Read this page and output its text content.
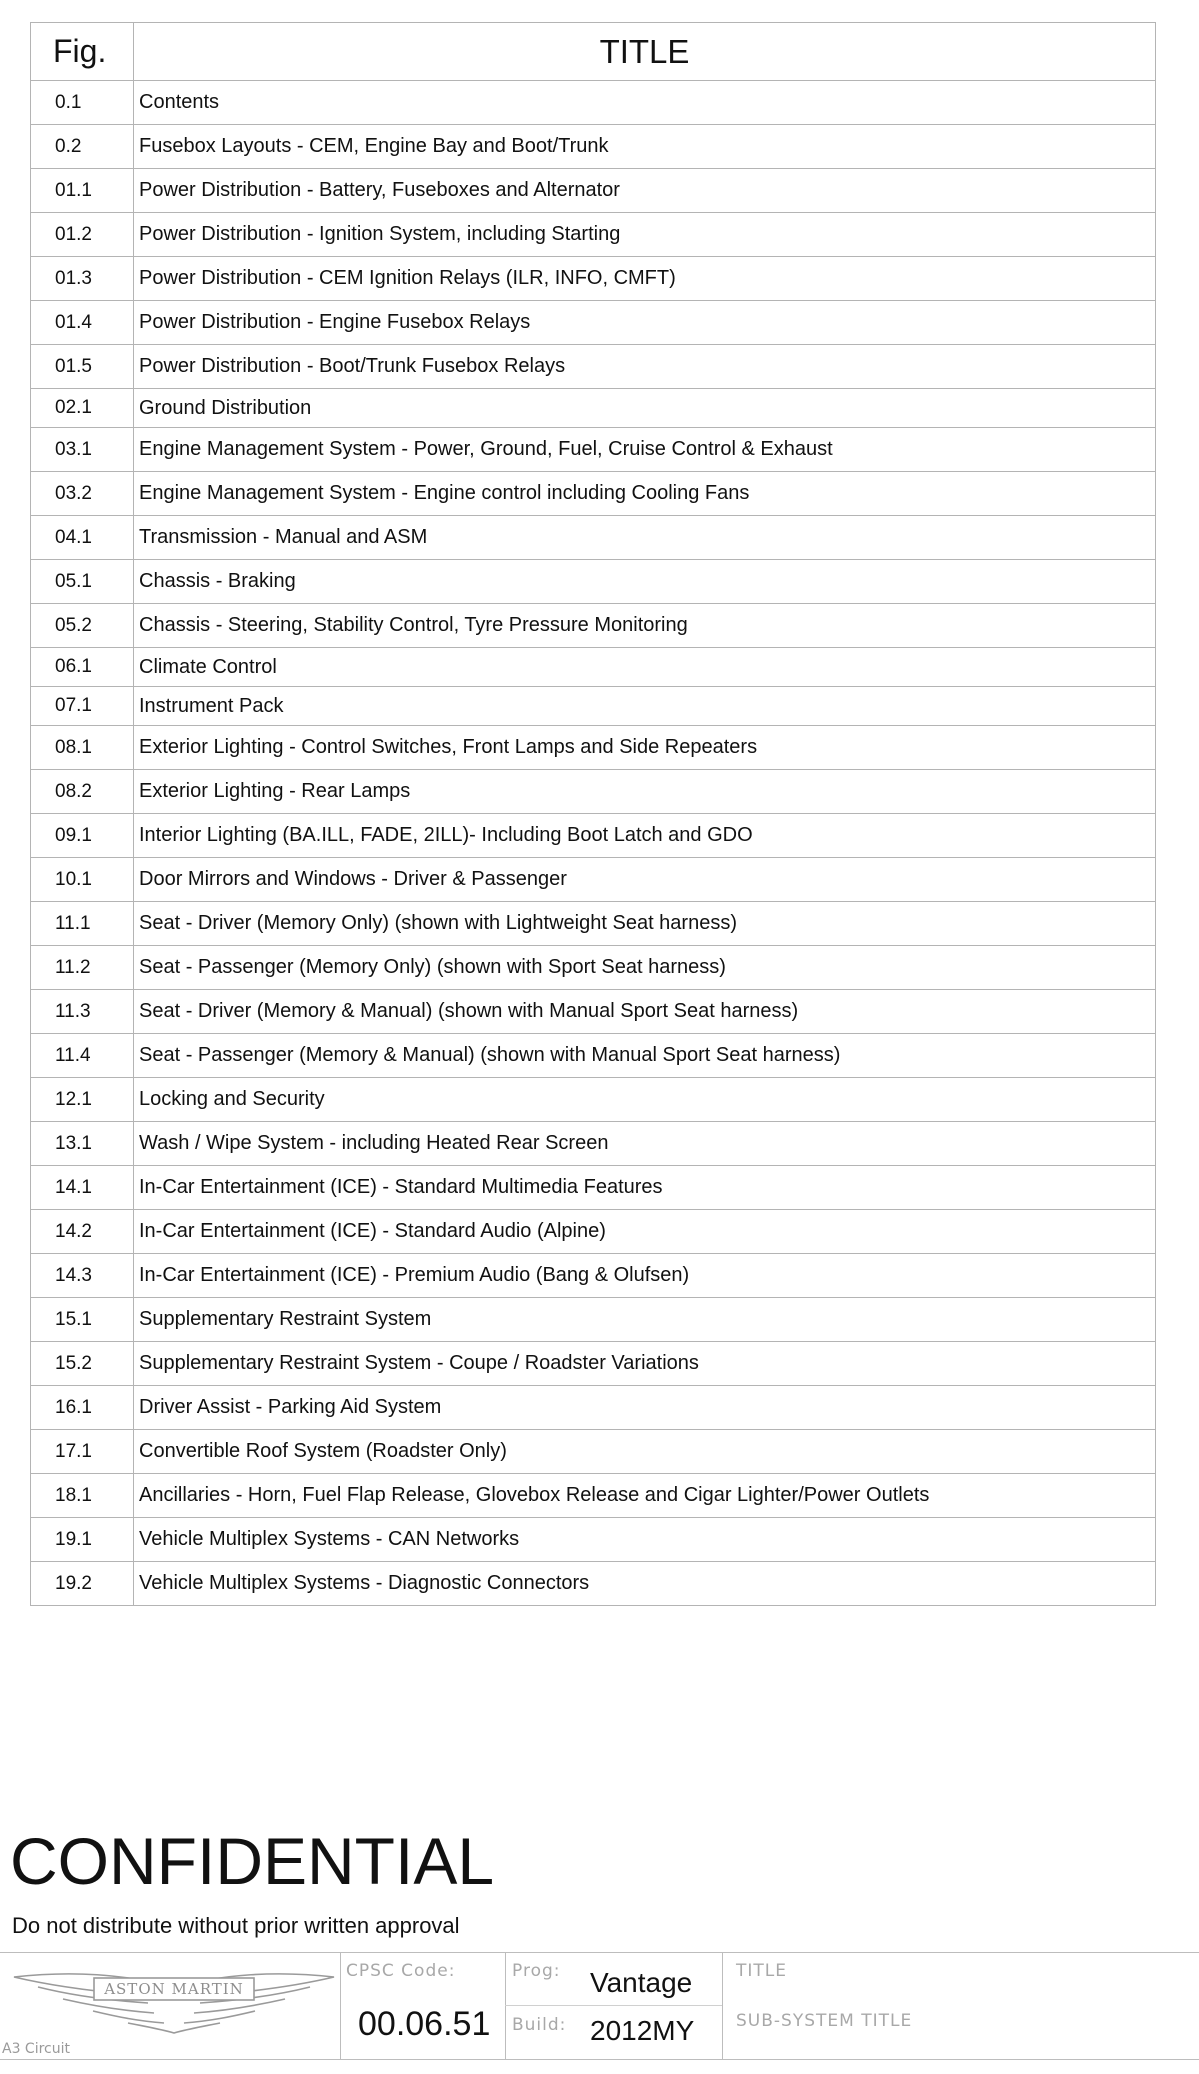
Fig.	TITLE
0.1	Contents
0.2	Fusebox Layouts - CEM, Engine Bay and Boot/Trunk
01.1	Power Distribution - Battery, Fuseboxes and Alternator
01.2	Power Distribution - Ignition System, including Starting
01.3	Power Distribution - CEM Ignition Relays (ILR, INFO, CMFT)
01.4	Power Distribution - Engine Fusebox Relays
01.5	Power Distribution - Boot/Trunk Fusebox Relays
02.1	Ground Distribution
03.1	Engine Management System - Power, Ground, Fuel, Cruise Control & Exhaust
03.2	Engine Management System - Engine control including Cooling Fans
04.1	Transmission - Manual and ASM
05.1	Chassis - Braking
05.2	Chassis - Steering, Stability Control, Tyre Pressure Monitoring
06.1	Climate Control
07.1	Instrument Pack
08.1	Exterior Lighting - Control Switches, Front Lamps and Side Repeaters
08.2	Exterior Lighting - Rear Lamps
09.1	Interior Lighting (BA.ILL, FADE, 2ILL)- Including Boot Latch and GDO
10.1	Door Mirrors and Windows - Driver & Passenger
11.1	Seat - Driver (Memory Only) (shown with Lightweight Seat harness)
11.2	Seat - Passenger (Memory Only) (shown with Sport Seat harness)
11.3	Seat - Driver (Memory & Manual) (shown with Manual Sport Seat harness)
11.4	Seat - Passenger (Memory & Manual) (shown with Manual Sport Seat harness)
12.1	Locking and Security
13.1	Wash / Wipe System - including Heated Rear Screen
14.1	In-Car Entertainment (ICE) - Standard Multimedia Features
14.2	In-Car Entertainment (ICE) - Standard Audio (Alpine)
14.3	In-Car Entertainment (ICE) - Premium Audio (Bang & Olufsen)
15.1	Supplementary Restraint System
15.2	Supplementary Restraint System - Coupe / Roadster Variations
16.1	Driver Assist - Parking Aid System
17.1	Convertible Roof System (Roadster Only)
18.1	Ancillaries - Horn, Fuel Flap Release, Glovebox Release and Cigar Lighter/Power Outlets
19.1	Vehicle Multiplex Systems - CAN Networks
19.2	Vehicle Multiplex Systems - Diagnostic Connectors
CONFIDENTIAL
Do not distribute without prior written approval
ASTON MARTIN
A3 Circuit
CPSC Code:
00.06.51
Prog: Vantage
Build: 2012MY
TITLE
SUB-SYSTEM TITLE
